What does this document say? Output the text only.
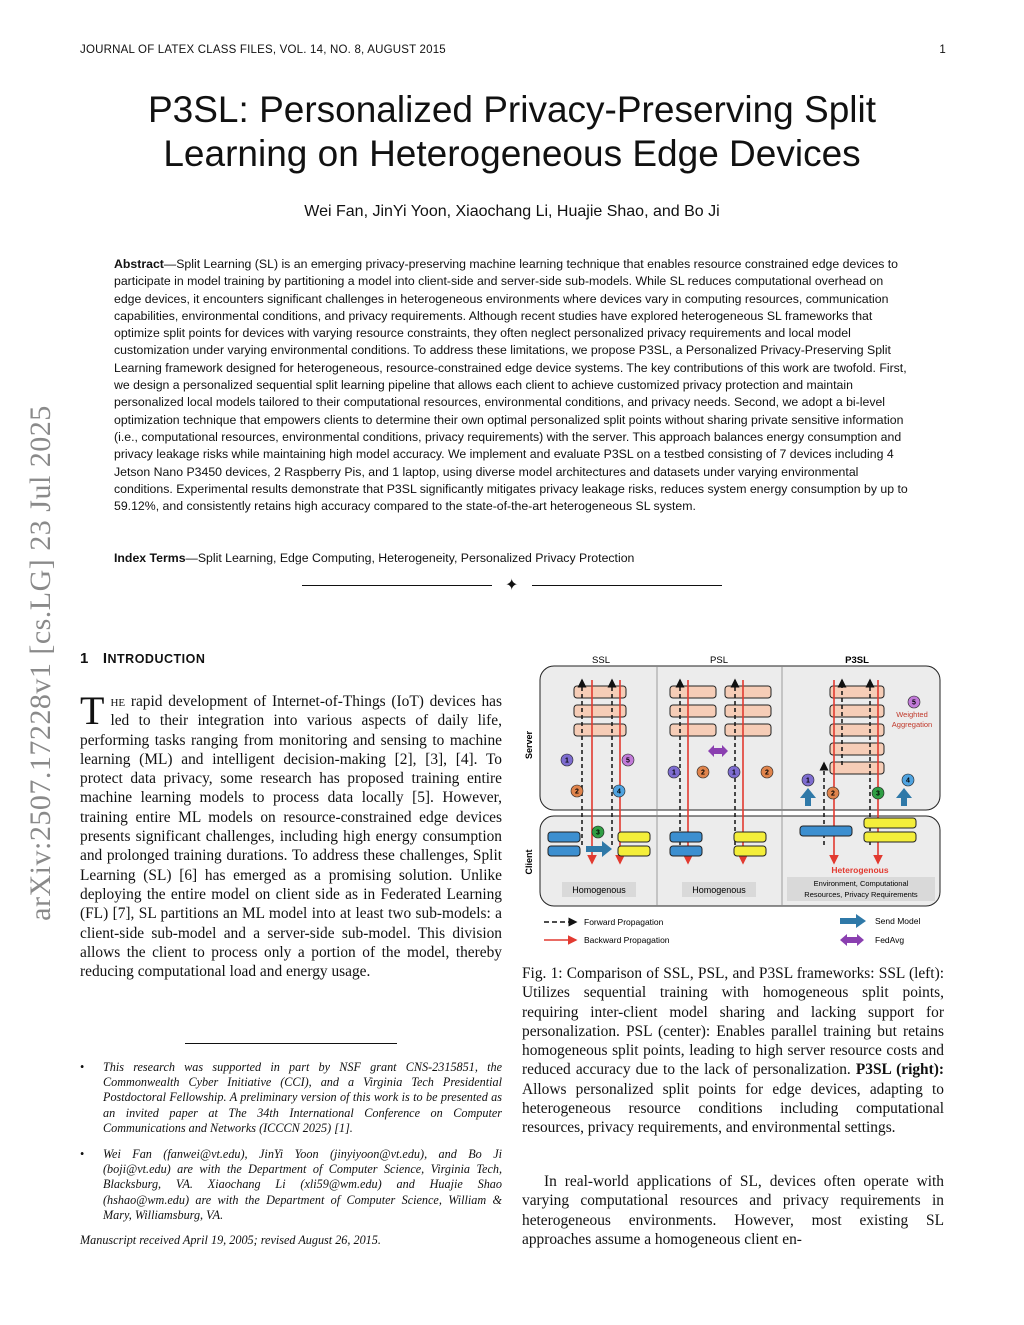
JOURNAL OF LATEX CLASS FILES, VOL. 14, NO. 8, AUGUST 2015	1
arXiv:2507.17228v1 [cs.LG] 23 Jul 2025
P3SL: Personalized Privacy-Preserving Split
Learning on Heterogeneous Edge Devices
Wei Fan, JinYi Yoon, Xiaochang Li, Huajie Shao, and Bo Ji
Abstract—Split Learning (SL) is an emerging privacy-preserving machine learning technique that enables resource constrained edge devices to participate in model training by partitioning a model into client-side and server-side sub-models. While SL reduces computational overhead on edge devices, it encounters significant challenges in heterogeneous environments where devices vary in computing resources, communication capabilities, environmental conditions, and privacy requirements. Although recent studies have explored heterogeneous SL frameworks that optimize split points for devices with varying resource constraints, they often neglect personalized privacy requirements and local model customization under varying environmental conditions. To address these limitations, we propose P3SL, a Personalized Privacy-Preserving Split Learning framework designed for heterogeneous, resource-constrained edge device systems. The key contributions of this work are twofold. First, we design a personalized sequential split learning pipeline that allows each client to achieve customized privacy protection and maintain personalized local models tailored to their computational resources, environmental conditions, and privacy needs. Second, we adopt a bi-level optimization technique that empowers clients to determine their own optimal personalized split points without sharing private sensitive information (i.e., computational resources, environmental conditions, privacy requirements) with the server. This approach balances energy consumption and privacy leakage risks while maintaining high model accuracy. We implement and evaluate P3SL on a testbed consisting of 7 devices including 4 Jetson Nano P3450 devices, 2 Raspberry Pis, and 1 laptop, using diverse model architectures and datasets under varying environmental conditions. Experimental results demonstrate that P3SL significantly mitigates privacy leakage risks, reduces system energy consumption by up to 59.12%, and consistently retains high accuracy compared to the state-of-the-art heterogeneous SL system.
Index Terms—Split Learning, Edge Computing, Heterogeneity, Personalized Privacy Protection
✦
1 INTRODUCTION
The rapid development of Internet-of-Things (IoT) devices has led to their integration into various aspects of daily life, performing tasks ranging from monitoring and sensing to machine learning (ML) and intelligent decision-making [2], [3], [4]. To protect data privacy, some research has proposed training entire machine learning models to process data locally [5]. However, training entire ML models on resource-constrained edge devices presents significant challenges, including high energy consumption and prolonged training durations. To address these challenges, Split Learning (SL) [6] has emerged as a promising solution. Unlike deploying the entire model on client side as in Federated Learning (FL) [7], SL partitions an ML model into at least two sub-models: a client-side sub-model and a server-side sub-model. This division allows the client to process only a portion of the model, thereby reducing computational load and energy usage.
• This research was supported in part by NSF grant CNS-2315851, the Commonwealth Cyber Initiative (CCI), and a Virginia Tech Presidential Postdoctoral Fellowship. A preliminary version of this work is to be presented as an invited paper at The 34th International Conference on Computer Communications and Networks (ICCCN 2025) [1].
• Wei Fan (fanwei@vt.edu), JinYi Yoon (jinyiyoon@vt.edu), and Bo Ji (boji@vt.edu) are with the Department of Computer Science, Virginia Tech, Blacksburg, VA. Xiaochang Li (xli59@wm.edu) and Huajie Shao (hshao@wm.edu) are with the Department of Computer Science, William & Mary, Williamsburg, VA.
Manuscript received April 19, 2005; revised August 26, 2015.
SSL	PSL	P3SL
Server
Client
1
2
3
4
5
1	2	1	2
1
2	3
4
5
Weighted
Aggregation
Homogenous	Homogenous
Heterogenous
Environment, Computational
Resources, Privacy Requirements
Forward Propagation
Backward Propagation
Send Model
FedAvg
Fig. 1: Comparison of SSL, PSL, and P3SL frameworks: SSL (left): Utilizes sequential training with homogeneous split points, requiring inter-client model sharing and lacking support for personalization. PSL (center): Enables parallel training but retains homogeneous split points, leading to high server resource costs and reduced accuracy due to the lack of personalization. P3SL (right): Allows personalized split points for edge devices, adapting to heterogeneous resource conditions including computational resources, privacy requirements, and environmental settings.
In real-world applications of SL, devices often operate with varying computational resources and privacy requirements in heterogeneous environments. However, most existing SL approaches assume a homogeneous client en-
